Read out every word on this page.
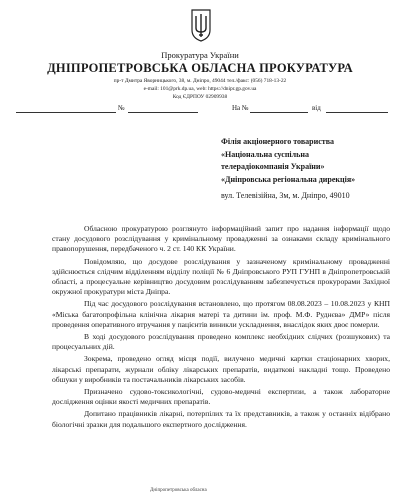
Прокуратура України
ДНІПРОПЕТРОВСЬКА ОБЛАСНА ПРОКУРАТУРА
пр-т Дмитра Яворницького, 38, м. Дніпро, 49044 тел./факс: (056) 718-13-22
e-mail: 101@prk.dp.ua, web: https://dnipr.gp.gov.ua
Код ЄДРПОУ 02909938
№	На №	від
Філія акціонерного товариства
«Національна суспільна
телерадіокомпанія України»
«Дніпровська регіональна дирекція»
вул. Телевізійна, 3м, м. Дніпро, 49010

Обласною прокуратурою розглянуто інформаційний запит про надання інформації щодо стану досудового розслідування у кримінальному провадженні за ознаками складу кримінального правопорушення, передбаченого ч. 2 ст. 140 КК України.

Повідомляю, що досудове розслідування у зазначеному кримінальному провадженні здійснюється слідчим відділенням відділу поліції № 6 Дніпровського РУП ГУНП в Дніпропетровській області, а процесуальне керівництво досудовим розслідуванням забезпечується прокурорами Західної окружної прокуратури міста Дніпра.

Під час досудового розслідування встановлено, що протягом 08.08.2023 – 10.08.2023 у КНП «Міська багатопрофільна клінічна лікарня матері та дитини ім. проф. М.Ф. Руднєва» ДМР» після проведення оперативного втручання у пацієнтів виникли ускладнення, внаслідок яких двоє померли.

В ході досудового розслідування проведено комплекс необхідних слідчих (розшукових) та процесуальних дій.

Зокрема, проведено огляд місця події, вилучено медичні картки стаціонарних хворих, лікарські препарати, журнали обліку лікарських препаратів, видаткові накладні тощо. Проведено обшуки у виробників та постачальників лікарських засобів.

Призначено судово-токсикологічні, судово-медичні експертизи, а також лабораторне дослідження оцінки якості медичних препаратів.

Допитано працівників лікарні, потерпілих та їх представників, а також у останніх відібрано біологічні зразки для подальшого експертного дослідження.

Дніпропетровська обласна
